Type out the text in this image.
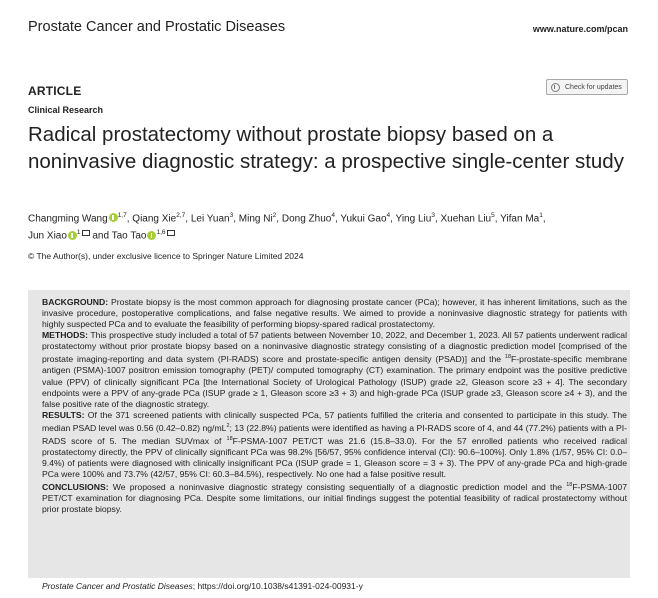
Prostate Cancer and Prostatic Diseases	www.nature.com/pcan
ARTICLE
Clinical Research
Check for updates
Radical prostatectomy without prostate biopsy based on a noninvasive diagnostic strategy: a prospective single-center study
Changming Wang $^{1,7}$, Qiang Xie$^{2,7}$, Lei Yuan$^3$, Ming Ni$^2$, Dong Zhuo$^4$, Yukui Gao$^4$, Ying Liu$^3$, Xuehan Liu$^5$, Yifan Ma$^1$,
Jun Xiao $^1$ and Tao Tao $^{1,6}$
© The Author(s), under exclusive licence to Springer Nature Limited 2024

BACKGROUND: Prostate biopsy is the most common approach for diagnosing prostate cancer (PCa); however, it has inherent limitations, such as the invasive procedure, postoperative complications, and false negative results. We aimed to provide a noninvasive diagnostic strategy for patients with highly suspected PCa and to evaluate the feasibility of performing biopsy-spared radical prostatectomy.

METHODS: This prospective study included a total of 57 patients between November 10, 2022, and December 1, 2023. All 57 patients underwent radical prostatectomy without prior prostate biopsy based on a noninvasive diagnostic strategy consisting of a diagnostic prediction model [comprised of the prostate imaging-reporting and data system (PI-RADS) score and prostate-specific antigen density (PSAD)] and the $^{18}$F-prostate-specific membrane antigen (PSMA)-1007 positron emission tomography (PET)/ computed tomography (CT) examination. The primary endpoint was the positive predictive value (PPV) of clinically significant PCa [the International Society of Urological Pathology (ISUP) grade ≥2, Gleason score ≥3 + 4]. The secondary endpoints were a PPV of any-grade PCa (ISUP grade ≥ 1, Gleason score ≥3 + 3) and high-grade PCa (ISUP grade ≥3, Gleason score ≥4 + 3), and the false positive rate of the diagnostic strategy.

RESULTS: Of the 371 screened patients with clinically suspected PCa, 57 patients fulfilled the criteria and consented to participate in this study. The median PSAD level was 0.56 (0.42–0.82) $ng/mL^2$; 13 (22.8%) patients were identified as having a PI-RADS score of 4, and 44 (77.2%) patients with a PI-RADS score of 5. The median SUVmax of $^{18}$F-PSMA-1007 PET/CT was 21.6 (15.8–33.0). For the 57 enrolled patients who received radical prostatectomy directly, the PPV of clinically significant PCa was 98.2% [56/57, 95% confidence interval (CI): 90.6–100%]. Only 1.8% (1/57, 95% CI: 0.0–9.4%) of patients were diagnosed with clinically insignificant PCa (ISUP grade = 1, Gleason score = 3 + 3). The PPV of any-grade PCa and high-grade PCa were 100% and 73.7% (42/57, 95% CI: 60.3–84.5%), respectively. No one had a false positive result.

CONCLUSIONS: We proposed a noninvasive diagnostic strategy consisting sequentially of a diagnostic prediction model and the $^{18}$F-PSMA-1007 PET/CT examination for diagnosing PCa. Despite some limitations, our initial findings suggest the potential feasibility of radical prostatectomy without prior prostate biopsy.

Prostate Cancer and Prostatic Diseases; https://doi.org/10.1038/s41391-024-00931-y
